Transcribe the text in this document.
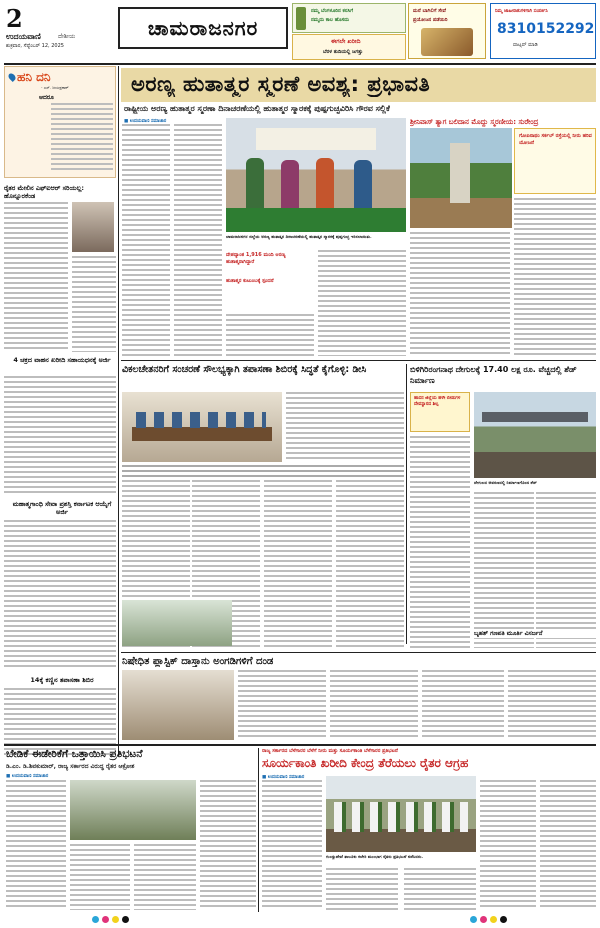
2
ಉದಯವಾಣಿ	ದೇಶೀಯ
ಶುಕ್ರವಾರ, ಸೆಪ್ಟೆಂಬರ್ 12, 2025
ಚಾಮರಾಜನಗರ
ನಮ್ಮ ಬೆಂಗಳೂರಿನ ಕನಸಿಗೆ
ನಮ್ಮದು ಕಾಲ ಹೊಸದು
ಈಗಲೇ ಖರೀದಿ
ಬೆರಳ ತುದಿಯಲ್ಲಿ ಜಗತ್ತು
ಮನೆ ಬಾಗಿಲಿಗೆ ಸೇವೆ
ಪ್ರಯೋಜನ ಪಡೆಯಿರಿ
ನಿಮ್ಮ ಜಾಹೀರಾತುಗಳಿಗಾಗಿ ಸಂಪರ್ಕಿಸಿ
8310152292
ವಾಟ್ಸಪ್ ಮಾಡಿ
ಹನಿ ದನಿ
- ಎಸ್. ಜಯಪ್ರಕಾಶ್
ಆದರೂ
ರೈತರ ಮೇಲಿನ ಎಫ್ಐಆರ್ ಸರಿಯಲ್ಲ: ಹೊನ್ನೂರಕೆಂಡ
4 ಚಕ್ರದ ವಾಹನ ಖರೀದಿ ಸಹಾಯಧನಕ್ಕೆ ಅರ್ಜಿ
ಮಹಾತ್ಮಗಾಂಧಿ ಸೇವಾ ಪ್ರಶಸ್ತಿ ಕರ್ನಾಟಕ ಆಯ್ಕೆಗೆ ಅರ್ಜಿ
14ಕ್ಕೆ ಕಣ್ಣಿನ ತಪಾಸಣಾ ಶಿಬಿರ
ಅರಣ್ಯ ಹುತಾತ್ಮರ ಸ್ಮರಣೆ ಅವಶ್ಯ: ಪ್ರಭಾವತಿ
ರಾಷ್ಟ್ರೀಯ ಅರಣ್ಯ ಹುತಾತ್ಮರ ಸ್ಮರಣಾ ದಿನಾಚರಣೆಯಲ್ಲಿ ಹುತಾತ್ಮರ ಸ್ಮಾರಕಕ್ಕೆ ಪುಷ್ಪಗುಚ್ಛವಿರಿಸಿ ಗೌರವ ಸಲ್ಲಿಕೆ
■ ಉದಯವಾಣಿ ಸಮಾಚಾರ
ಚಾಮರಾಜನಗರ ಜಿಲ್ಲೆಯ ಅರಣ್ಯ ಹುತಾತ್ಮರ ದಿನಾಚರಣೆಯಲ್ಲಿ ಹುತಾತ್ಮರ ಸ್ಮಾರಕಕ್ಕೆ ಪುಷ್ಪಗುಚ್ಛ ಇರಿಸಲಾಯಿತು.
ದೇಶದ್ಯಾಂತ 1,916 ಮಂದಿ ಅರಣ್ಯ ಹುತಾತ್ಮರಾಗಿದ್ದಾರೆ
ಹುತಾತ್ಮರ ಕುಟುಂಬಕ್ಕೆ ಸ್ಪಂದನೆ
ಶ್ರೀನಿವಾಸ್ ತ್ಯಾಗ ಬಲಿದಾನ ಮೊದ್ದು ಸ್ಮರಣೀಯ: ಸುರೇಂದ್ರ
ಗೋಪಿನಾಥಂ ಸರ್ಕಲ್ ರಸ್ತೆಯಲ್ಲಿ ನೀರು ಹರಿವ ಯೋಜನೆ
ವಿಕಲಚೇತನರಿಗೆ ಸಂಚರಣೆ ಸೌಲಭ್ಯಕ್ಕಾಗಿ ತಪಾಸಣಾ ಶಿಬಿರಕ್ಕೆ ಸಿದ್ಧತೆ ಕೈಗೊಳ್ಳಿ: ಡೀಸಿ	ಬಿಳಿಗಿರಿರಂಗನಾಥ ದೇಗುಲಕ್ಕೆ 17.40 ಲಕ್ಷ ರೂ. ವೆಚ್ಚದಲ್ಲಿ ಶೆಡ್ ನಿರ್ಮಾಣ
ಹಾಸನ ಜಿಲ್ಲೆಯ ಹಳೇ ಬೀಡುಗಳ ದೇವಸ್ಥಾನದ ಶಿಲ್ಪ
ದೇಗುಲದ ಆವರಣದಲ್ಲಿ ನಿರ್ಮಾಣಗೊಂಡ ಶೆಡ್
ಬೃಹತ್ ಗಣಪತಿ ಮೂರ್ತಿ ವಿಸರ್ಜನೆ
ನಿಷೇಧಿತ ಪ್ಲಾಸ್ಟಿಕ್ ದಾಸ್ತಾನು ಅಂಗಡಿಗಳಿಗೆ ದಂಡ
ಬೇಡಿಕೆ ಈಡೇರಿಕೆಗೆ ಒತ್ತಾಯಿಸಿ ಪ್ರತಿಭಟನೆ
ಡಿ.ಎಂ. ಡಿ.ಶಿವಕುಮಾರ್, ರಾಜ್ಯ ಸರ್ಕಾರದ ವಿರುದ್ಧ ರೈತರ ಆಕ್ರೋಶ
■ ಉದಯವಾಣಿ ಸಮಾಚಾರ
ರಾಜ್ಯ ಸರ್ಕಾರದ ಬೆಳೆಗಾರರ ಬೆಳೆಗೆ ನೀರು ಮತ್ತು ಸೂರ್ಯಕಾಂತಿ ಬೆಳೆಗಾರರ ಪ್ರತಿಭಟನೆ
ಸೂರ್ಯಕಾಂತಿ ಖರೀದಿ ಕೇಂದ್ರ ತೆರೆಯಲು ರೈತರ ಆಗ್ರಹ
■ ಉದಯವಾಣಿ ಸಮಾಚಾರ
ಗುಂಡ್ಲುಪೇಟೆ ತಾಲೂಕು ಕಚೇರಿ ಮುಂಭಾಗ ರೈತರು ಪ್ರತಿಭಟನೆ ನಡೆಸಿದರು.
